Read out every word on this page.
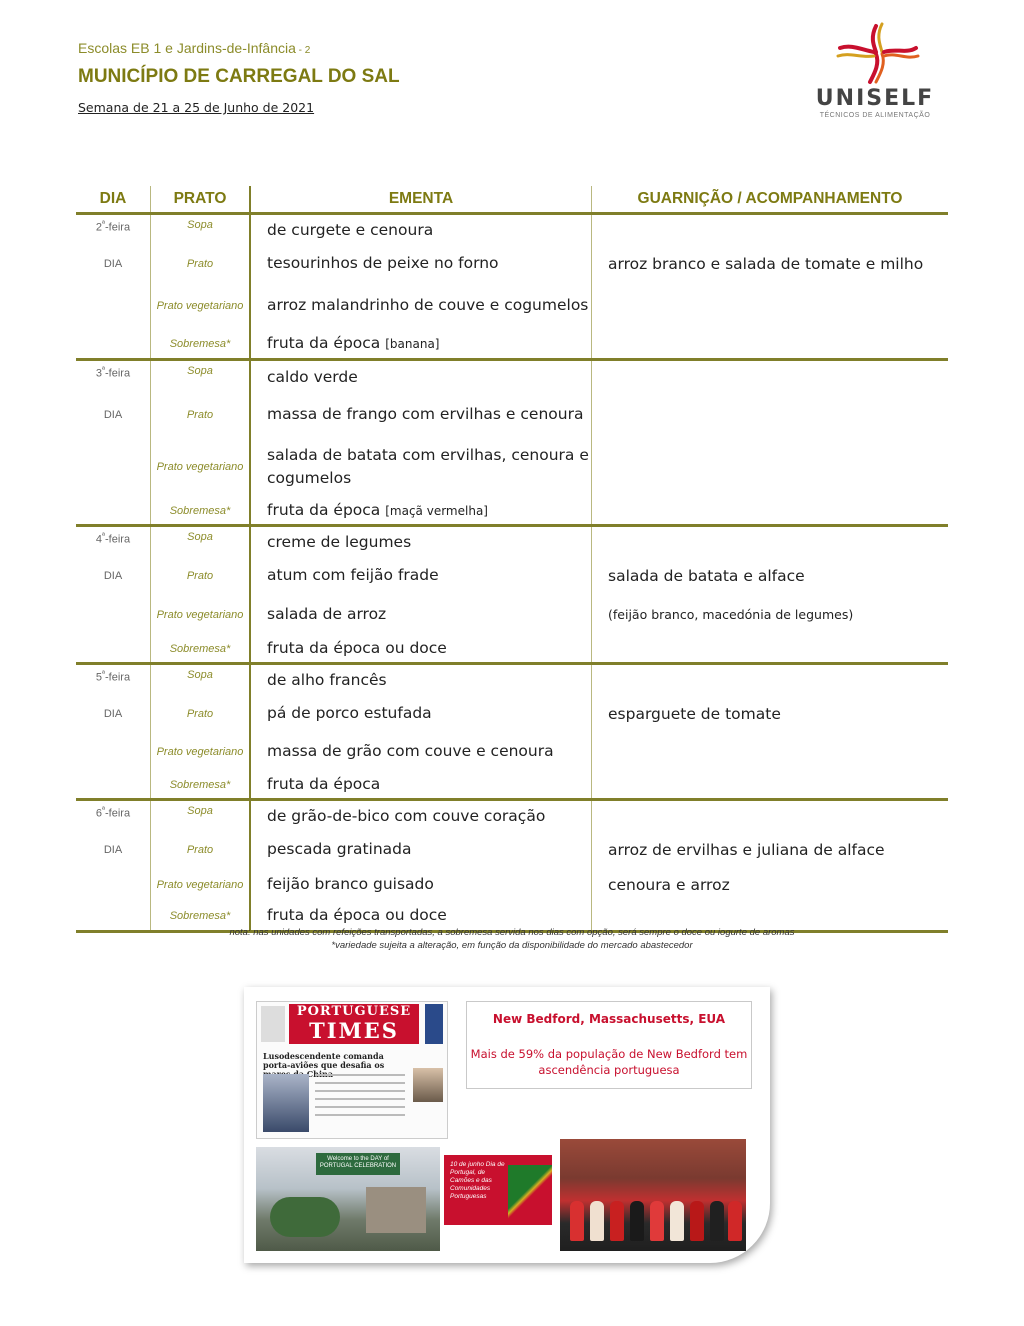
Escolas EB 1 e Jardins-de-Infância - 2
MUNICÍPIO DE CARREGAL DO SAL
Semana de 21 a 25 de Junho de 2021	UNISELF
TÉCNICOS DE ALIMENTAÇÃO
DIA	PRATO	EMENTA	GUARNIÇÃO / ACOMPANHAMENTO
$2^ª$-feira	Sopa	de curgete e cenoura	
DIA	Prato	tesourinhos de peixe no forno	arroz branco e salada de tomate e milho
	Prato vegetariano	arroz malandrinho de couve e cogumelos	
	Sobremesa*	fruta da época [banana]	
$3^ª$-feira	Sopa	caldo verde	
DIA	Prato	massa de frango com ervilhas e cenoura	
	Prato vegetariano	salada de batata com ervilhas, cenoura e cogumelos	
	Sobremesa*	fruta da época [maçã vermelha]	
$4^ª$-feira	Sopa	creme de legumes	
DIA	Prato	atum com feijão frade	salada de batata e alface
	Prato vegetariano	salada de arroz	(feijão branco, macedónia de legumes)
	Sobremesa*	fruta da época ou doce	
$5^ª$-feira	Sopa	de alho francês	
DIA	Prato	pá de porco estufada	esparguete de tomate
	Prato vegetariano	massa de grão com couve e cenoura	
	Sobremesa*	fruta da época	
$6^ª$-feira	Sopa	de grão-de-bico com couve coração	
DIA	Prato	pescada gratinada	arroz de ervilhas e juliana de alface
	Prato vegetariano	feijão branco guisado	cenoura e arroz
	Sobremesa*	fruta da época ou doce	
nota: nas unidades com refeições transportadas, a sobremesa servida nos dias com opção, será sempre o doce ou iogurte de aromas
*variedade sujeita a alteração, em função da disponibilidade do mercado abastecedor
PORTUGUESE
TIMES
Lusodescendente comanda porta-aviões que desafia os
New Bedford, Massachusetts, EUA
Mais de 59% da população de New Bedford tem ascendência portuguesa
Welcome to the DAY of PORTUGAL CELEBRATION	10 de junho Dia de Portugal, de Camões e das Comunidades Portuguesas
